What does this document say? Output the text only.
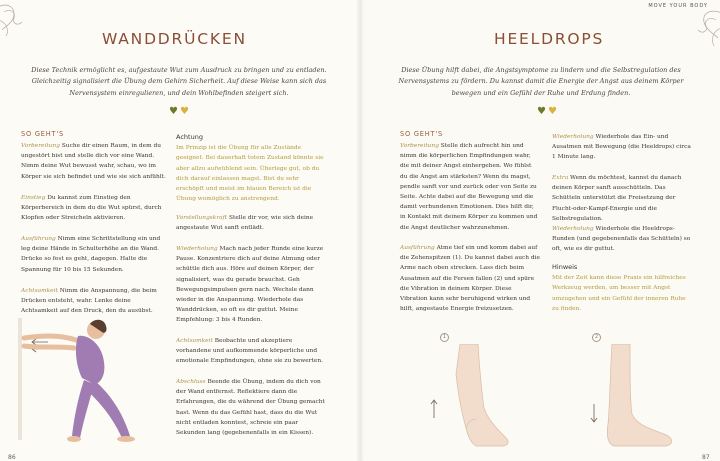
WANDDRÜCKEN
Diese Technik ermöglicht es, aufgestaute Wut zum Ausdruck zu bringen und zu entladen. Gleichzeitig signalisiert die Übung dem Gehirn Sicherheit. Auf diese Weise kann sich das Nervensystem einregulieren, und dein Wohlbefinden steigert sich.
♥ ♥
SO GEHT'S
Vorbereitung Suche dir einen Raum, in dem du ungestört bist und stelle dich vor eine Wand. Nimm deine Wut bewusst wahr, schau, wo im Körper sie sich befindet und wie sie sich anfühlt.
Einstieg Du kannst zum Einstieg den Körperbereich in dem du die Wut spürst, durch Klopfen oder Streicheln aktivieren.
Ausführung Nimm eine Schrittstellung ein und leg deine Hände in Schulterhöhe an die Wand. Drücke so fest es geht, dagegen. Halte die Spannung für 10 bis 15 Sekunden.
Achtsamkeit Nimm die Anspannung, die beim Drücken entsteht, wahr. Lenke deine Achtsamkeit auf den Druck, den du ausübst.
Achtung
Im Prinzip ist die Übung für alle Zustände geeignet. Bei dauerhaft totem Zustand könnte sie aber allzu aufwühlend sein. Überlege gut, ob du dich darauf einlassen magst. Bist du sehr erschöpft und meist im blauen Bereich ist die Übung womöglich zu anstrengend.
Vorstellungskraft Stelle dir vor, wie sich deine angestaute Wut sanft entlädt.
Wiederholung Mach nach jeder Runde eine kurze Pause. Konzentriere dich auf deine Atmung oder schüttle dich aus. Höre auf deinen Körper, der signalisiert, was du gerade brauchst. Geh Bewegungsimpulsen gern nach. Wechsle dann wieder in die Anspannung. Wiederhole das Wanddrücken, so oft es dir guttut. Meine Empfehlung: 3 bis 4 Runden.
Achtsamkeit Beobachte und akzeptiere vorhandene und aufkommende körperliche und emotionale Empfindungen, ohne sie zu bewerten.
Abschluss Beende die Übung, indem du dich von der Wand entfernst. Reflektiere dann die Erfahrungen, die du während der Übung gemacht hast. Wenn du das Gefühl hast, dass du die Wut nicht entladen konntest, schreie ein paar Sekunden lang (gegebenenfalls in ein Kissen).
86
MOVE YOUR BODY
HEELDROPS
Diese Übung hilft dabei, die Angstsymptome zu lindern und die Selbstregulation des Nervensystems zu fördern. Du kannst damit die Energie der Angst aus deinem Körper bewegen und ein Gefühl der Ruhe und Erdung finden.
♥ ♥
SO GEHT'S
Vorbereitung Stelle dich aufrecht hin und nimm die körperlichen Empfindungen wahr, die mit deiner Angst einhergehen. Wo fühlst du die Angst am stärksten? Wenn du magst, pendle sanft vor und zurück oder von Seite zu Seite. Achte dabei auf die Bewegung und die damit verbundenen Emotionen. Dies hilft dir, in Kontakt mit deinem Körper zu kommen und die Angst deutlicher wahrzunehmen.
Ausführung Atme tief ein und komm dabei auf die Zehenspitzen (1). Du kannst dabei auch die Arme nach oben strecken. Lass dich beim Ausatmen auf die Fersen fallen (2) und spüre die Vibration in deinem Körper. Diese Vibration kann sehr beruhigend wirken und hilft, angestaute Energie freizusetzen.
Wiederholung Wiederhole das Ein- und Ausatmen mit Bewegung (die Heeldrops) circa 1 Minute lang.
Extra Wenn du möchtest, kannst du danach deinen Körper sanft ausschütteln. Das Schütteln unterstützt die Freisetzung der Flucht-oder-Kampf-Energie und die Selbstregulation.
Wiederholung Wiederhole die Heeldrops-Runden (und gegebenenfalls das Schütteln) so oft, wie es dir guttut.
Hinweis
Mit der Zeit kann diese Praxis ein hilfreiches Werkzeug werden, um besser mit Angst umzugehen und ein Gefühl der inneren Ruhe zu finden.
1	2
87
